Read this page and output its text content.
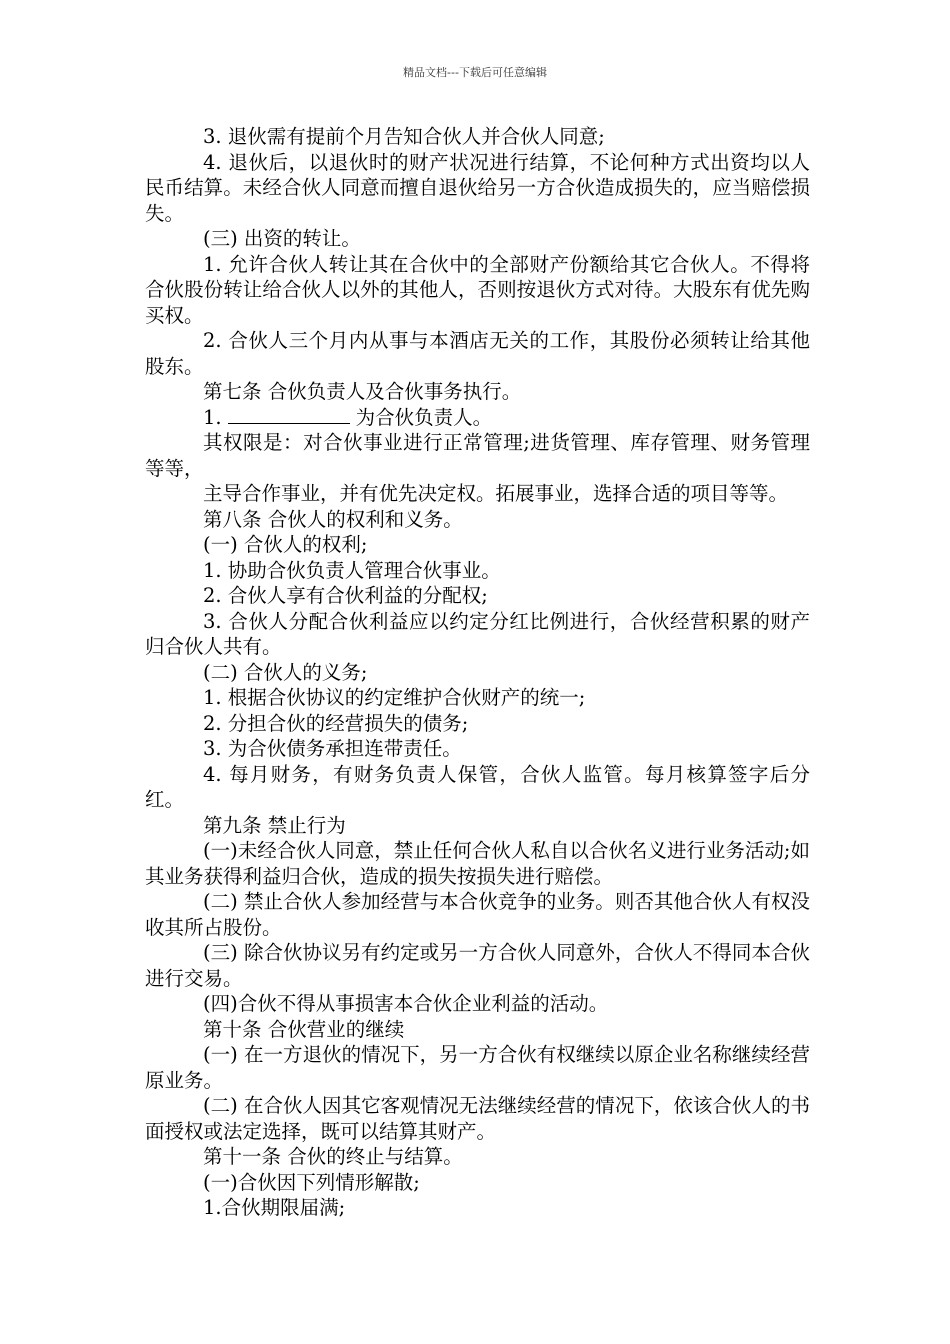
精品文档---下载后可任意编辑

3. 退伙需有提前个月告知合伙人并合伙人同意;

4. 退伙后，以退伙时的财产状况进行结算，不论何种方式出资均以人民币结算。未经合伙人同意而擅自退伙给另一方合伙造成损失的，应当赔偿损失。

(三) 出资的转让。

1. 允许合伙人转让其在合伙中的全部财产份额给其它合伙人。不得将合伙股份转让给合伙人以外的其他人，否则按退伙方式对待。大股东有优先购买权。

2. 合伙人三个月内从事与本酒店无关的工作，其股份必须转让给其他股东。

第七条 合伙负责人及合伙事务执行。

1.	为合伙负责人。

其权限是：对合伙事业进行正常管理;进货管理、库存管理、财务管理等等，

主导合作事业，并有优先决定权。拓展事业，选择合适的项目等等。

第八条 合伙人的权利和义务。

(一) 合伙人的权利;

1. 协助合伙负责人管理合伙事业。

2. 合伙人享有合伙利益的分配权;

3. 合伙人分配合伙利益应以约定分红比例进行，合伙经营积累的财产归合伙人共有。

(二) 合伙人的义务;

1. 根据合伙协议的约定维护合伙财产的统一;

2. 分担合伙的经营损失的债务;

3. 为合伙债务承担连带责任。

4. 每月财务，有财务负责人保管，合伙人监管。每月核算签字后分红。

第九条 禁止行为

(一)未经合伙人同意，禁止任何合伙人私自以合伙名义进行业务活动;如其业务获得利益归合伙，造成的损失按损失进行赔偿。

(二) 禁止合伙人参加经营与本合伙竞争的业务。则否其他合伙人有权没收其所占股份。

(三) 除合伙协议另有约定或另一方合伙人同意外，合伙人不得同本合伙进行交易。

(四)合伙不得从事损害本合伙企业利益的活动。

第十条 合伙营业的继续

(一) 在一方退伙的情况下，另一方合伙有权继续以原企业名称继续经营原业务。

(二) 在合伙人因其它客观情况无法继续经营的情况下，依该合伙人的书面授权或法定选择，既可以结算其财产。

第十一条 合伙的终止与结算。

(一)合伙因下列情形解散;

1.合伙期限届满;
